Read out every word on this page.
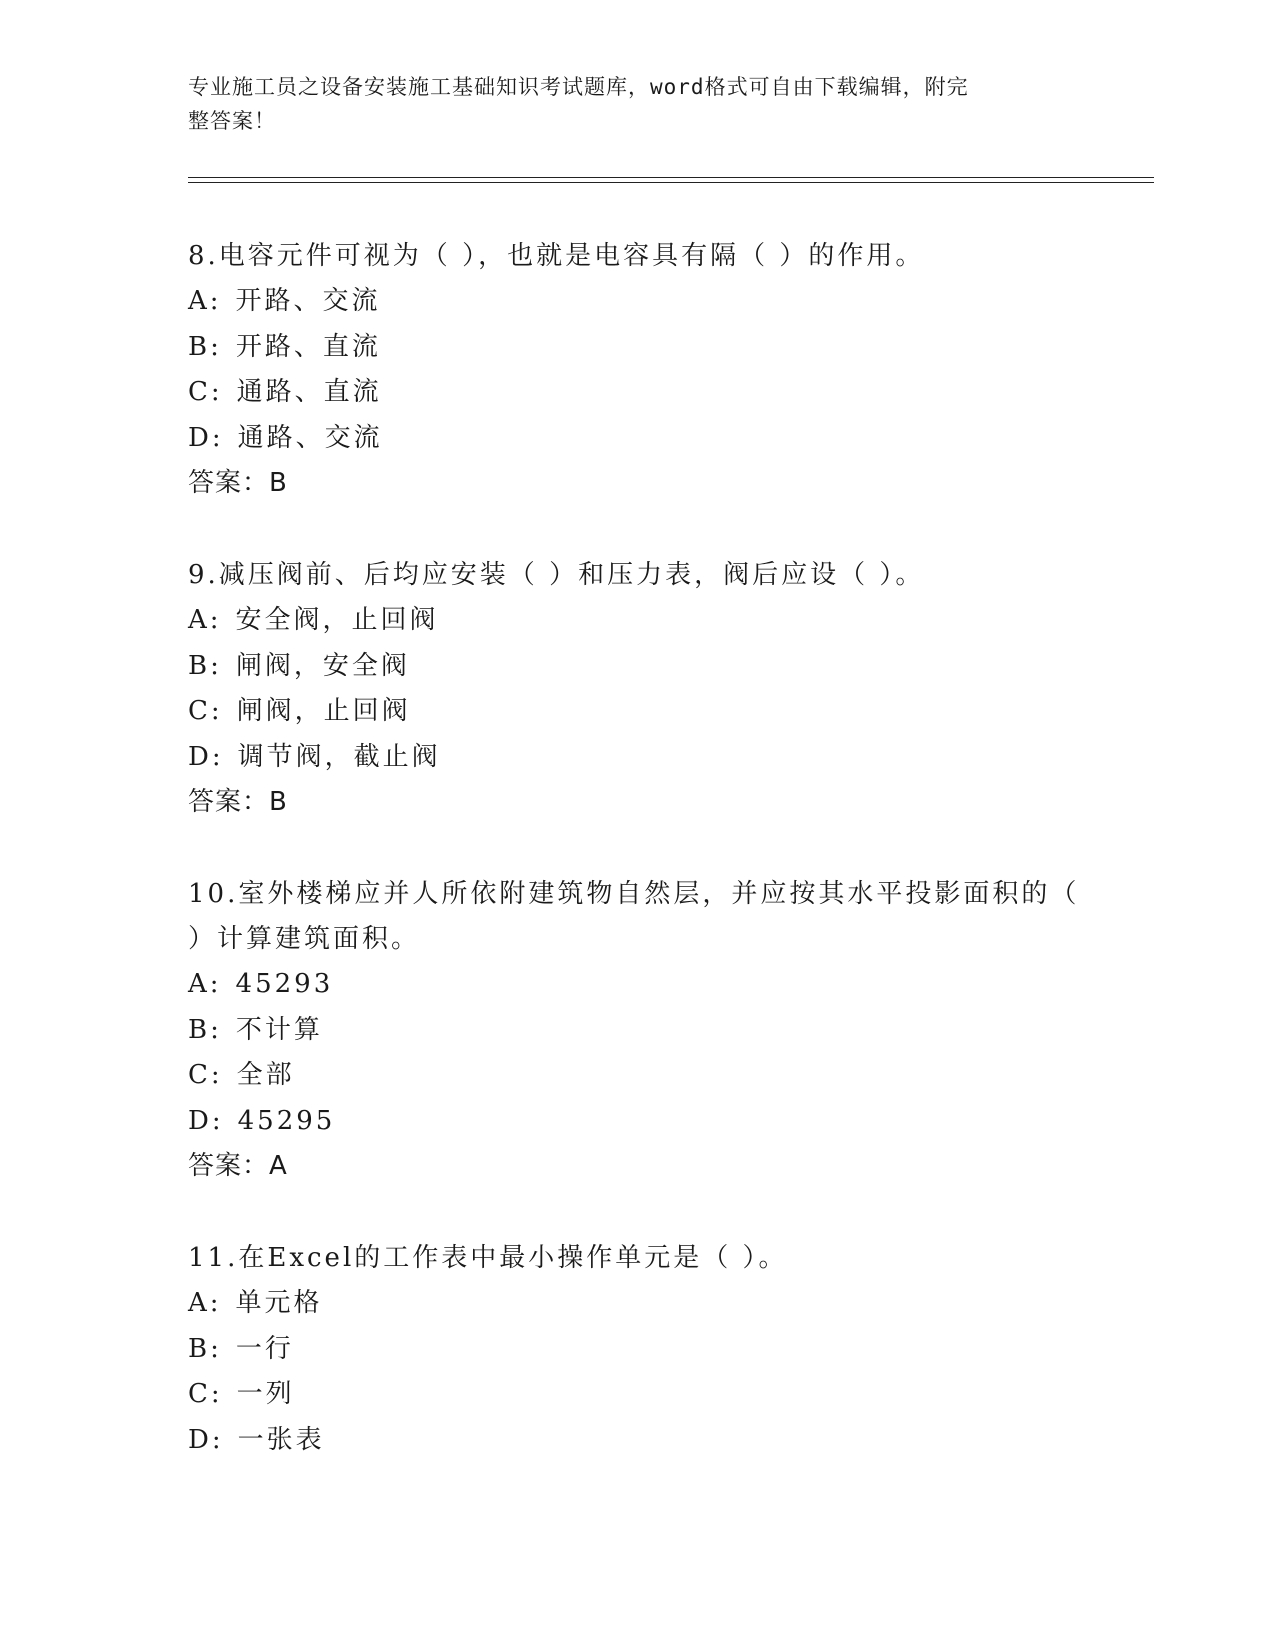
专业施工员之设备安装施工基础知识考试题库，word格式可自由下载编辑，附完
整答案！
8.电容元件可视为（ ），也就是电容具有隔（ ）的作用。
A: 开路、交流
B: 开路、直流
C: 通路、直流
D: 通路、交流
答案：B
9.减压阀前、后均应安装（ ）和压力表，阀后应设（ ）。
A: 安全阀，止回阀
B: 闸阀，安全阀
C: 闸阀，止回阀
D: 调节阀，截止阀
答案：B
10.室外楼梯应并人所依附建筑物自然层，并应按其水平投影面积的（
）计算建筑面积。
A: 45293
B: 不计算
C: 全部
D: 45295
答案：A
11.在Excel的工作表中最小操作单元是（ ）。
A: 单元格
B: 一行
C: 一列
D: 一张表
